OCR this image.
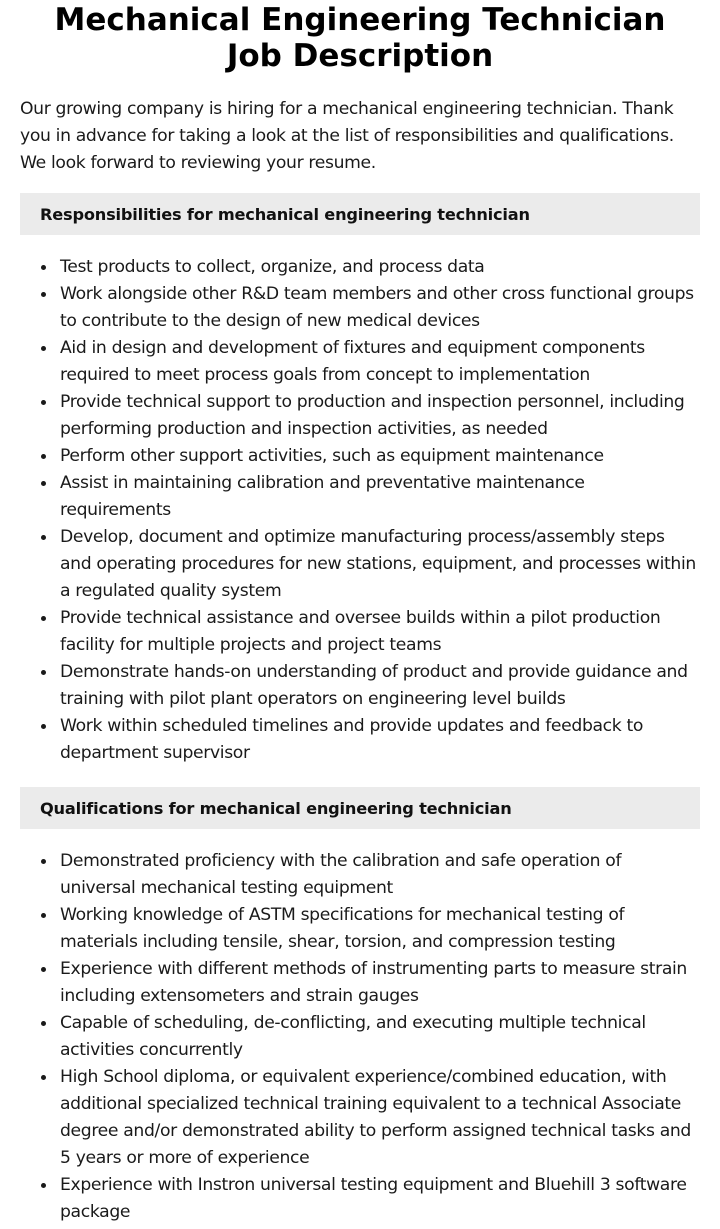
Mechanical Engineering Technician Job Description

Our growing company is hiring for a mechanical engineering technician. Thank you in advance for taking a look at the list of responsibilities and qualifications. We look forward to reviewing your resume.

Responsibilities for mechanical engineering technician
Test products to collect, organize, and process data
Work alongside other R&D team members and other cross functional groups to contribute to the design of new medical devices
Aid in design and development of fixtures and equipment components required to meet process goals from concept to implementation
Provide technical support to production and inspection personnel, including performing production and inspection activities, as needed
Perform other support activities, such as equipment maintenance
Assist in maintaining calibration and preventative maintenance requirements
Develop, document and optimize manufacturing process/assembly steps and operating procedures for new stations, equipment, and processes within a regulated quality system
Provide technical assistance and oversee builds within a pilot production facility for multiple projects and project teams
Demonstrate hands-on understanding of product and provide guidance and training with pilot plant operators on engineering level builds
Work within scheduled timelines and provide updates and feedback to department supervisor
Qualifications for mechanical engineering technician
Demonstrated proficiency with the calibration and safe operation of universal mechanical testing equipment
Working knowledge of ASTM specifications for mechanical testing of materials including tensile, shear, torsion, and compression testing
Experience with different methods of instrumenting parts to measure strain including extensometers and strain gauges
Capable of scheduling, de-conflicting, and executing multiple technical activities concurrently
High School diploma, or equivalent experience/combined education, with additional specialized technical training equivalent to a technical Associate degree and/or demonstrated ability to perform assigned technical tasks and 5 years or more of experience
Experience with Instron universal testing equipment and Bluehill 3 software package
